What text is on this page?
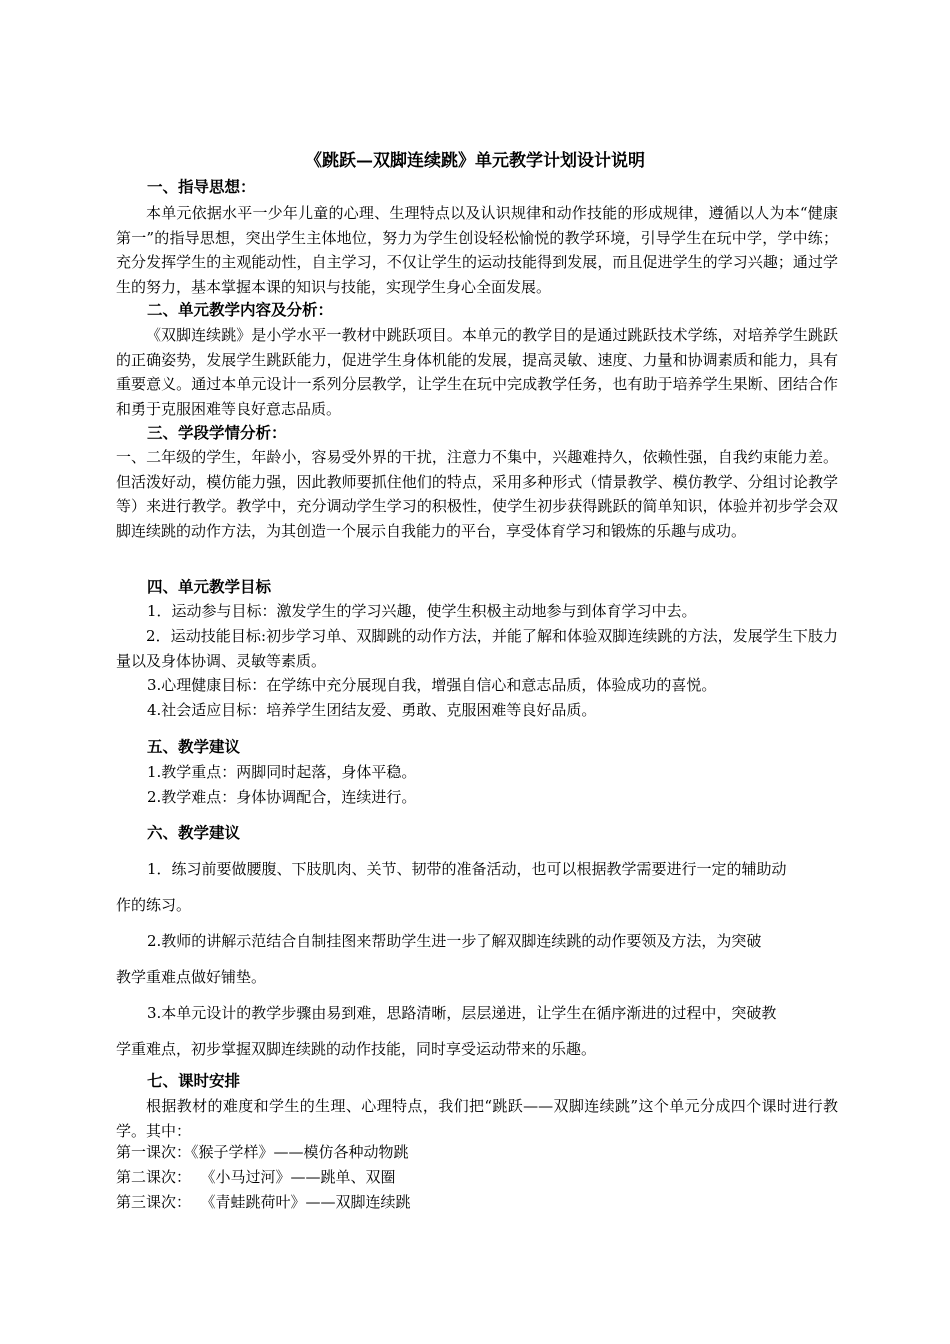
《跳跃—双脚连续跳》单元教学计划设计说明
一、指导思想：
本单元依据水平一少年儿童的心理、生理特点以及认识规律和动作技能的形成规律，遵循以人为本“健康第一”的指导思想，突出学生主体地位，努力为学生创设轻松愉悦的教学环境，引导学生在玩中学，学中练；充分发挥学生的主观能动性，自主学习，不仅让学生的运动技能得到发展，而且促进学生的学习兴趣；通过学生的努力，基本掌握本课的知识与技能，实现学生身心全面发展。
二、单元教学内容及分析：
《双脚连续跳》是小学水平一教材中跳跃项目。本单元的教学目的是通过跳跃技术学练，对培养学生跳跃的正确姿势，发展学生跳跃能力，促进学生身体机能的发展，提高灵敏、速度、力量和协调素质和能力，具有重要意义。通过本单元设计一系列分层教学，让学生在玩中完成教学任务，也有助于培养学生果断、团结合作和勇于克服困难等良好意志品质。
三、学段学情分析：
一、二年级的学生，年龄小，容易受外界的干扰，注意力不集中，兴趣难持久，依赖性强，自我约束能力差。但活泼好动，模仿能力强，因此教师要抓住他们的特点，采用多种形式（情景教学、模仿教学、分组讨论教学等）来进行教学。教学中，充分调动学生学习的积极性，使学生初步获得跳跃的简单知识，体验并初步学会双脚连续跳的动作方法，为其创造一个展示自我能力的平台，享受体育学习和锻炼的乐趣与成功。
四、单元教学目标
1．运动参与目标：激发学生的学习兴趣，使学生积极主动地参与到体育学习中去。
2．运动技能目标:初步学习单、双脚跳的动作方法，并能了解和体验双脚连续跳的方法，发展学生下肢力量以及身体协调、灵敏等素质。
3.心理健康目标：在学练中充分展现自我，增强自信心和意志品质，体验成功的喜悦。
4.社会适应目标：培养学生团结友爱、勇敢、克服困难等良好品质。
五、教学建议
1.教学重点：两脚同时起落，身体平稳。
2.教学难点：身体协调配合，连续进行。
六、教学建议
1．练习前要做腰腹、下肢肌肉、关节、韧带的准备活动，也可以根据教学需要进行一定的辅助动
作的练习。
2.教师的讲解示范结合自制挂图来帮助学生进一步了解双脚连续跳的动作要领及方法，为突破
教学重难点做好铺垫。
3.本单元设计的教学步骤由易到难，思路清晰，层层递进，让学生在循序渐进的过程中，突破教
学重难点，初步掌握双脚连续跳的动作技能，同时享受运动带来的乐趣。
七、课时安排
根据教材的难度和学生的生理、心理特点，我们把“跳跃——双脚连续跳”这个单元分成四个课时进行教学。其中：
第一课次：《猴子学样》——模仿各种动物跳
第二课次：  《小马过河》——跳单、双圈
第三课次：  《青蛙跳荷叶》——双脚连续跳
